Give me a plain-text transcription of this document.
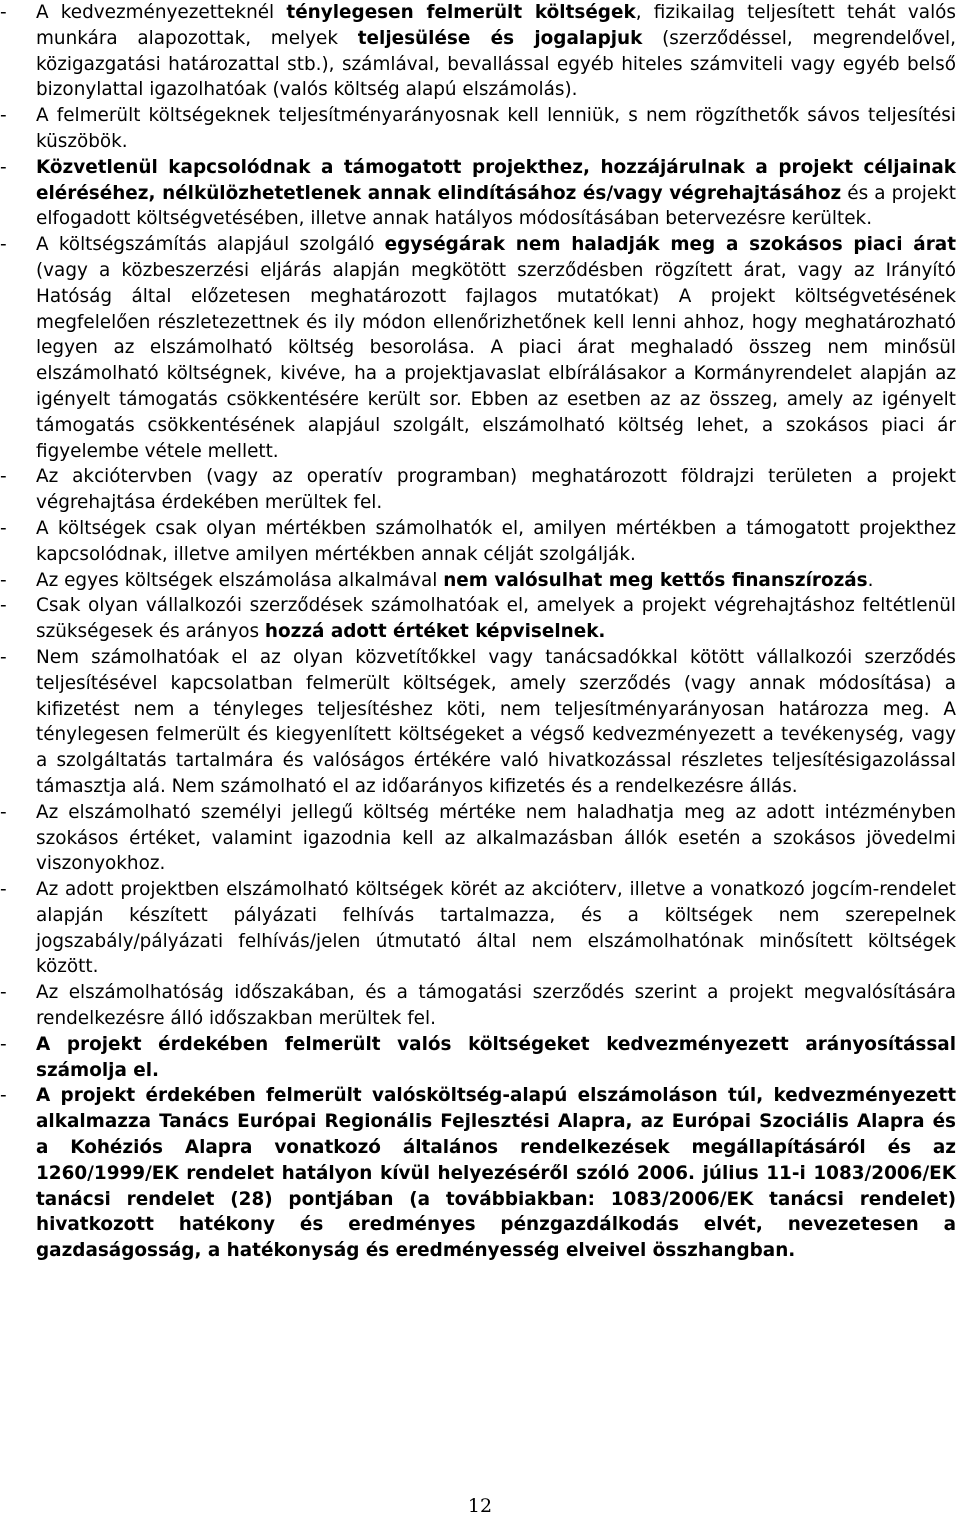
-	A kedvezményezetteknél ténylegesen felmerült költségek, fizikailag teljesített tehát valós munkára alapozottak, melyek teljesülése és jogalapjuk (szerződéssel, megrendelővel, közigazgatási határozattal stb.), számlával, bevallással egyéb hiteles számviteli vagy egyéb belső bizonylattal igazolhatóak (valós költség alapú elszámolás).
-	A felmerült költségeknek teljesítményarányosnak kell lenniük, s nem rögzíthetők sávos teljesítési küszöbök.
-	Közvetlenül kapcsolódnak a támogatott projekthez, hozzájárulnak a projekt céljainak eléréséhez, nélkülözhetetlenek annak elindításához és/vagy végrehajtásához és a projekt elfogadott költségvetésében, illetve annak hatályos módosításában betervezésre kerültek.
-	A költségszámítás alapjául szolgáló egységárak nem haladják meg a szokásos piaci árat (vagy a közbeszerzési eljárás alapján megkötött szerződésben rögzített árat, vagy az Irányító Hatóság által előzetesen meghatározott fajlagos mutatókat) A projekt költségvetésének megfelelően részletezettnek és ily módon ellenőrizhetőnek kell lenni ahhoz, hogy meghatározható legyen az elszámolható költség besorolása. A piaci árat meghaladó összeg nem minősül elszámolható költségnek, kivéve, ha a projektjavaslat elbírálásakor a Kormányrendelet alapján az igényelt támogatás csökkentésére került sor. Ebben az esetben az az összeg, amely az igényelt támogatás csökkentésének alapjául szolgált, elszámolható költség lehet, a szokásos piaci ár figyelembe vétele mellett.
-	Az akciótervben (vagy az operatív programban) meghatározott földrajzi területen a projekt végrehajtása érdekében merültek fel.
-	A költségek csak olyan mértékben számolhatók el, amilyen mértékben a támogatott projekthez kapcsolódnak, illetve amilyen mértékben annak célját szolgálják.
-	Az egyes költségek elszámolása alkalmával nem valósulhat meg kettős finanszírozás.
-	Csak olyan vállalkozói szerződések számolhatóak el, amelyek a projekt végrehajtáshoz feltétlenül szükségesek és arányos hozzá adott értéket képviselnek.
-	Nem számolhatóak el az olyan közvetítőkkel vagy tanácsadókkal kötött vállalkozói szerződés teljesítésével kapcsolatban felmerült költségek, amely szerződés (vagy annak módosítása) a kifizetést nem a tényleges teljesítéshez köti, nem teljesítményarányosan határozza meg. A ténylegesen felmerült és kiegyenlített költségeket a végső kedvezményezett a tevékenység, vagy a szolgáltatás tartalmára és valóságos értékére való hivatkozással részletes teljesítésigazolással támasztja alá. Nem számolható el az időarányos kifizetés és a rendelkezésre állás.
-	Az elszámolható személyi jellegű költség mértéke nem haladhatja meg az adott intézményben szokásos értéket, valamint igazodnia kell az alkalmazásban állók esetén a szokásos jövedelmi viszonyokhoz.
-	Az adott projektben elszámolható költségek körét az akcióterv, illetve a vonatkozó jogcím-rendelet alapján készített pályázati felhívás tartalmazza, és a költségek nem szerepelnek jogszabály/pályázati felhívás/jelen útmutató által nem elszámolhatónak minősített költségek között.
-	Az elszámolhatóság időszakában, és a támogatási szerződés szerint a projekt megvalósítására rendelkezésre álló időszakban merültek fel.
-	A projekt érdekében felmerült valós költségeket kedvezményezett arányosítással számolja el.
-	A projekt érdekében felmerült valósköltség-alapú elszámoláson túl, kedvezményezett alkalmazza Tanács Európai Regionális Fejlesztési Alapra, az Európai Szociális Alapra és a Kohéziós Alapra vonatkozó általános rendelkezések megállapításáról és az 1260/1999/EK rendelet hatályon kívül helyezéséről szóló 2006. július 11-i 1083/2006/EK tanácsi rendelet (28) pontjában (a továbbiakban: 1083/2006/EK tanácsi rendelet) hivatkozott hatékony és eredményes pénzgazdálkodás elvét, nevezetesen a gazdaságosság, a hatékonyság és eredményesség elveivel összhangban.
12
